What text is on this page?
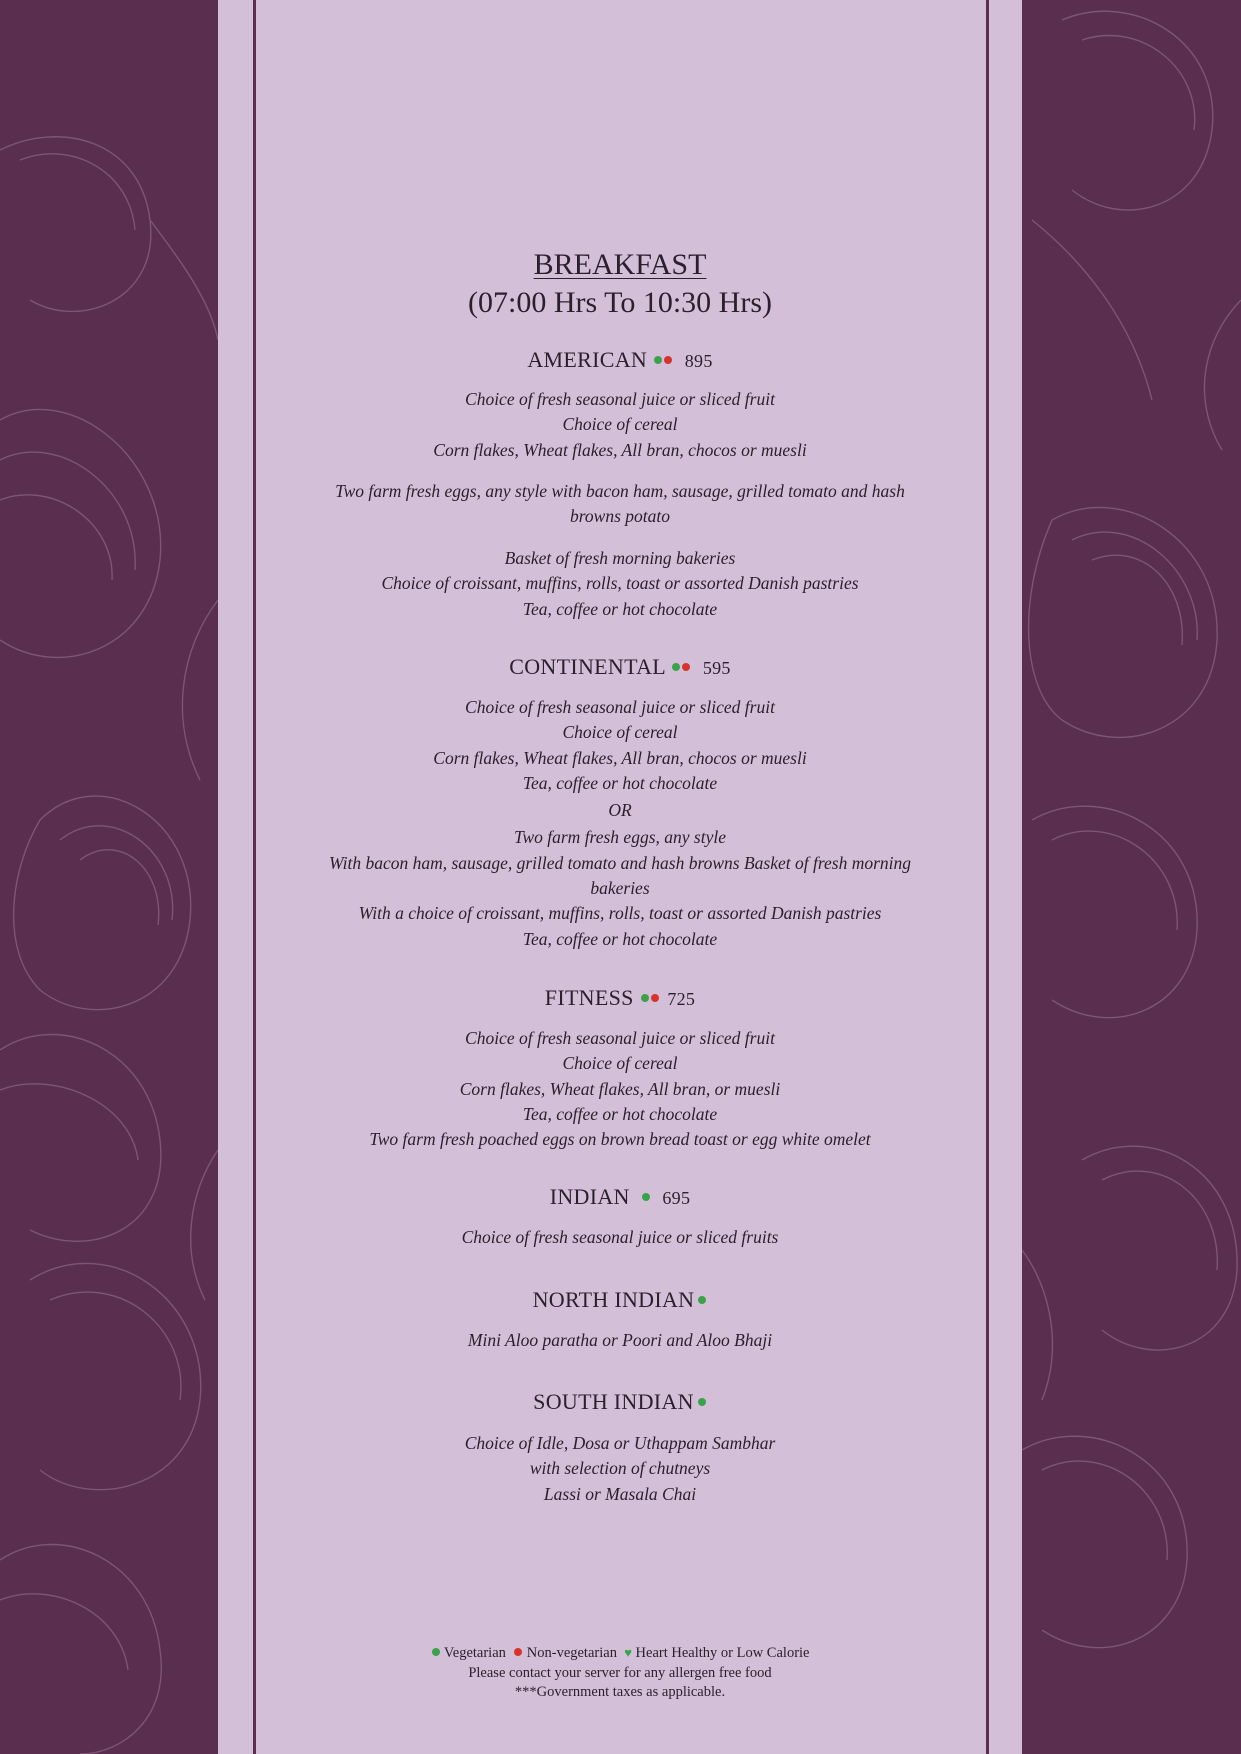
BREAKFAST
(07:00 Hrs To 10:30 Hrs)
AMERICAN 895
Choice of fresh seasonal juice or sliced fruit
Choice of cereal
Corn flakes, Wheat flakes, All bran, chocos or muesli
Two farm fresh eggs, any style with bacon ham, sausage, grilled tomato and hash
browns potato
Basket of fresh morning bakeries
Choice of croissant, muffins, rolls, toast or assorted Danish pastries
Tea, coffee or hot chocolate
CONTINENTAL 595
Choice of fresh seasonal juice or sliced fruit
Choice of cereal
Corn flakes, Wheat flakes, All bran, chocos or muesli
Tea, coffee or hot chocolate
OR
Two farm fresh eggs, any style
With bacon ham, sausage, grilled tomato and hash browns Basket of fresh morning
bakeries
With a choice of croissant, muffins, rolls, toast or assorted Danish pastries
Tea, coffee or hot chocolate
FITNESS 725
Choice of fresh seasonal juice or sliced fruit
Choice of cereal
Corn flakes, Wheat flakes, All bran, or muesli
Tea, coffee or hot chocolate
Two farm fresh poached eggs on brown bread toast or egg white omelet
INDIAN 695
Choice of fresh seasonal juice or sliced fruits
NORTH INDIAN
Mini Aloo paratha or Poori and Aloo Bhaji
SOUTH INDIAN
Choice of Idle, Dosa or Uthappam Sambhar
with selection of chutneys
Lassi or Masala Chai
Vegetarian Non-vegetarian ♥ Heart Healthy or Low Calorie
Please contact your server for any allergen free food
***Government taxes as applicable.
